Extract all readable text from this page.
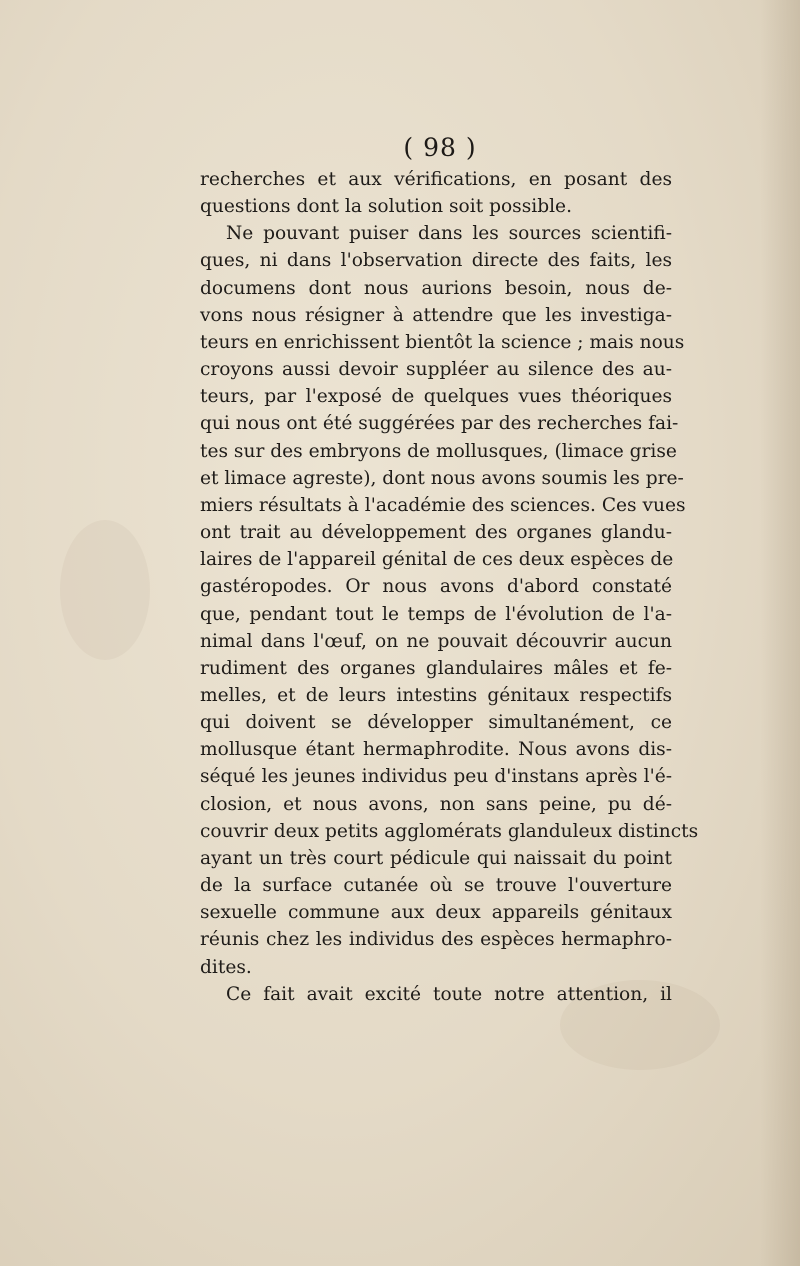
( 98 )
recherches et aux vérifications, en posant des
questions dont la solution soit possible.
Ne pouvant puiser dans les sources scientifi-
ques, ni dans l'observation directe des faits, les
documens dont nous aurions besoin, nous de-
vons nous résigner à attendre que les investiga-
teurs en enrichissent bientôt la science ; mais nous
croyons aussi devoir suppléer au silence des au-
teurs, par l'exposé de quelques vues théoriques
qui nous ont été suggérées par des recherches fai-
tes sur des embryons de mollusques, (limace grise
et limace agreste), dont nous avons soumis les pre-
miers résultats à l'académie des sciences. Ces vues
ont trait au développement des organes glandu-
laires de l'appareil génital de ces deux espèces de
gastéropodes. Or nous avons d'abord constaté
que, pendant tout le temps de l'évolution de l'a-
nimal dans l'œuf, on ne pouvait découvrir aucun
rudiment des organes glandulaires mâles et fe-
melles, et de leurs intestins génitaux respectifs
qui doivent se développer simultanément, ce
mollusque étant hermaphrodite. Nous avons dis-
séqué les jeunes individus peu d'instans après l'é-
closion, et nous avons, non sans peine, pu dé-
couvrir deux petits agglomérats glanduleux distincts
ayant un très court pédicule qui naissait du point
de la surface cutanée où se trouve l'ouverture
sexuelle commune aux deux appareils génitaux
réunis chez les individus des espèces hermaphro-
dites.
Ce fait avait excité toute notre attention, il
